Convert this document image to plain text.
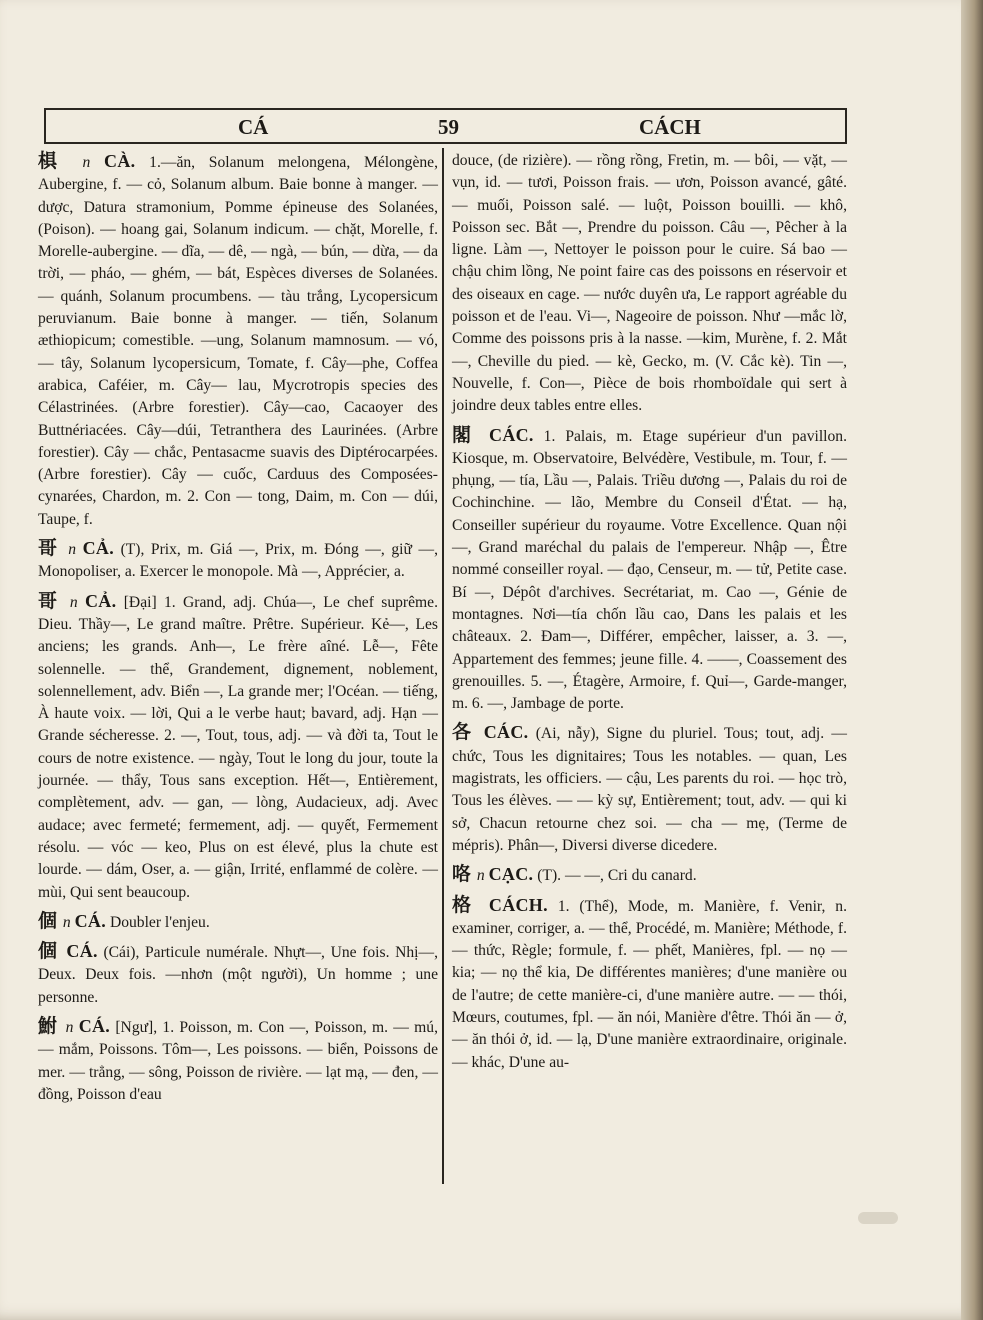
CÁ	59	CÁCH

椇 n CÀ. 1.—ăn, Solanum melongena, Mélongène, Aubergine, f. — cỏ, Solanum album. Baie bonne à manger. — dược, Datura stramonium, Pomme épineuse des Solanées, (Poison). — hoang gai, Solanum indicum. — chặt, Morelle, f. Morelle-aubergine. — dĩa, — dê, — ngà, — bún, — dừa, — da trời, — pháo, — ghém, — bát, Espèces diverses de Solanées. — quánh, Solanum procumbens. — tàu trắng, Lycopersicum peruvianum. Baie bonne à manger. — tiến, Solanum æthiopicum; comestible. —ung, Solanum mamnosum. — vó, — tây, Solanum lycopersicum, Tomate, f. Cây—phe, Coffea arabica, Caféier, m. Cây— lau, Mycrotropis species des Célastrinées. (Arbre forestier). Cây—cao, Cacaoyer des Buttnériacées. Cây—dúi, Tetranthera des Laurinées. (Arbre forestier). Cây — chắc, Pentasacme suavis des Diptérocarpées. (Arbre forestier). Cây — cuốc, Carduus des Composées-cynarées, Chardon, m. 2. Con — tong, Daim, m. Con — dúi, Taupe, f.

哥 n CẢ. (T), Prix, m. Giá —, Prix, m. Đóng —, giữ —, Monopoliser, a. Exercer le monopole. Mà —, Apprécier, a.

哥 n CẢ. [Đại] 1. Grand, adj. Chúa—, Le chef suprême. Dieu. Thầy—, Le grand maître. Prêtre. Supérieur. Kẻ—, Les anciens; les grands. Anh—, Le frère aîné. Lễ—, Fête solennelle. — thể, Grandement, dignement, noblement, solennellement, adv. Biển —, La grande mer; l'Océan. — tiếng, À haute voix. — lời, Qui a le verbe haut; bavard, adj. Hạn — Grande sécheresse. 2. —, Tout, tous, adj. — và đời ta, Tout le cours de notre existence. — ngày, Tout le long du jour, toute la journée. — thẩy, Tous sans exception. Hết—, Entièrement, complètement, adv. — gan, — lòng, Audacieux, adj. Avec audace; avec fermeté; fermement, adj. — quyết, Fermement résolu. — vóc — keo, Plus on est élevé, plus la chute est lourde. — dám, Oser, a. — giận, Irrité, enflammé de colère. — mùi, Qui sent beaucoup.

個 n CÁ. Doubler l'enjeu.

個 CÁ. (Cái), Particule numérale. Nhựt—, Une fois. Nhị—, Deux. Deux fois. —nhơn (một người), Un homme ; une personne.

鮒 n CÁ. [Ngư], 1. Poisson, m. Con —, Poisson, m. — mú, — mắm, Poissons. Tôm—, Les poissons. — biển, Poissons de mer. — trẳng, — sông, Poisson de rivière. — lạt mạ, — đen, — đồng, Poisson d'eau

douce, (de rizière). — rồng rồng, Fretin, m. — bôi, — vặt, — vụn, id. — tươi, Poisson frais. — ươn, Poisson avancé, gâté. — muối, Poisson salé. — luột, Poisson bouilli. — khô, Poisson sec. Bắt —, Prendre du poisson. Câu —, Pêcher à la ligne. Làm —, Nettoyer le poisson pour le cuire. Sá bao — chậu chim lồng, Ne point faire cas des poissons en réservoir et des oiseaux en cage. — nước duyên ưa, Le rapport agréable du poisson et de l'eau. Vi—, Nageoire de poisson. Như —mắc lờ, Comme des poissons pris à la nasse. —kim, Murène, f. 2. Mắt—, Cheville du pied. — kè, Gecko, m. (V. Cắc kè). Tin —, Nouvelle, f. Con—, Pièce de bois rhomboïdale qui sert à joindre deux tables entre elles.

閣 CÁC. 1. Palais, m. Etage supérieur d'un pavillon. Kiosque, m. Observatoire, Belvédère, Vestibule, m. Tour, f. — phụng, — tía, Lầu —, Palais. Triều dương —, Palais du roi de Cochinchine. — lão, Membre du Conseil d'État. — hạ, Conseiller supérieur du royaume. Votre Excellence. Quan nội—, Grand maréchal du palais de l'empereur. Nhập —, Être nommé conseiller royal. — đạo, Censeur, m. — tử, Petite case. Bí —, Dépôt d'archives. Secrétariat, m. Cao —, Génie de montagnes. Nơi—tía chốn lầu cao, Dans les palais et les châteaux. 2. Đam—, Différer, empêcher, laisser, a. 3. —, Appartement des femmes; jeune fille. 4. ——, Coassement des grenouilles. 5. —, Étagère, Armoire, f. Quỉ—, Garde-manger, m. 6. —, Jambage de porte.

各 CÁC. (Ai, nẫy), Signe du pluriel. Tous; tout, adj. — chức, Tous les dignitaires; Tous les notables. — quan, Les magistrats, les officiers. — cậu, Les parents du roi. — học trò, Tous les élèves. — — kỳ sự, Entièrement; tout, adv. — qui ki sở, Chacun retourne chez soi. — cha — mẹ, (Terme de mépris). Phân—, Diversi diverse dicedere.

咯 n CẠC. (T). — —, Cri du canard.

格 CÁCH. 1. (Thể), Mode, m. Manière, f. Venir, n. examiner, corriger, a. — thể, Procédé, m. Manière; Méthode, f. — thức, Règle; formule, f. — phết, Manières, fpl. — nọ — kia; — nọ thể kia, De différentes manières; d'une manière ou de l'autre; de cette manière-ci, d'une manière autre. — — thói, Mœurs, coutumes, fpl. — ăn nói, Manière d'être. Thói ăn — ở, — ăn thói ở, id. — lạ, D'une manière extraordinaire, originale. — khác, D'une au-
